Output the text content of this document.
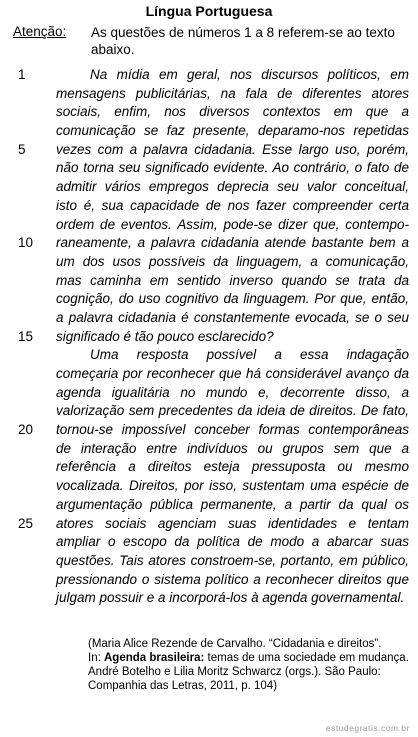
Língua Portuguesa
Atenção: As questões de números 1 a 8 referem-se ao texto abaixo.
1	Na mídia em geral, nos discursos políticos, em
mensagens publicitárias, na fala de diferentes atores
sociais, enfim, nos diversos contextos em que a
comunicação se faz presente, deparamo-nos repetidas
5 vezes com a palavra cidadania. Esse largo uso, porém,
não torna seu significado evidente. Ao contrário, o fato de
admitir vários empregos deprecia seu valor conceitual,
isto é, sua capacidade de nos fazer compreender certa
ordem de eventos. Assim, pode-se dizer que, contempo-
10 raneamente, a palavra cidadania atende bastante bem a
um dos usos possíveis da linguagem, a comunicação,
mas caminha em sentido inverso quando se trata da
cognição, do uso cognitivo da linguagem. Por que, então,
a palavra cidadania é constantemente evocada, se o seu
15 significado é tão pouco esclarecido?
Uma resposta possível a essa indagação
começaria por reconhecer que há considerável avanço da
agenda igualitária no mundo e, decorrente disso, a
valorização sem precedentes da ideia de direitos. De fato,
20 tornou-se impossível conceber formas contemporâneas
de interação entre indivíduos ou grupos sem que a
referência a direitos esteja pressuposta ou mesmo
vocalizada. Direitos, por isso, sustentam uma espécie de
argumentação pública permanente, a partir da qual os
25 atores sociais agenciam suas identidades e tentam
ampliar o escopo da política de modo a abarcar suas
questões. Tais atores constroem-se, portanto, em público,
pressionando o sistema político a reconhecer direitos que
julgam possuir e a incorporá-los à agenda governamental.

(Maria Alice Rezende de Carvalho. “Cidadania e direitos”.
In: Agenda brasileira: temas de uma sociedade em mudança. André Botelho e Lilia Moritz Schwarcz (orgs.). São Paulo: Companhia das Letras, 2011, p. 104)

estudegratis.com.br
